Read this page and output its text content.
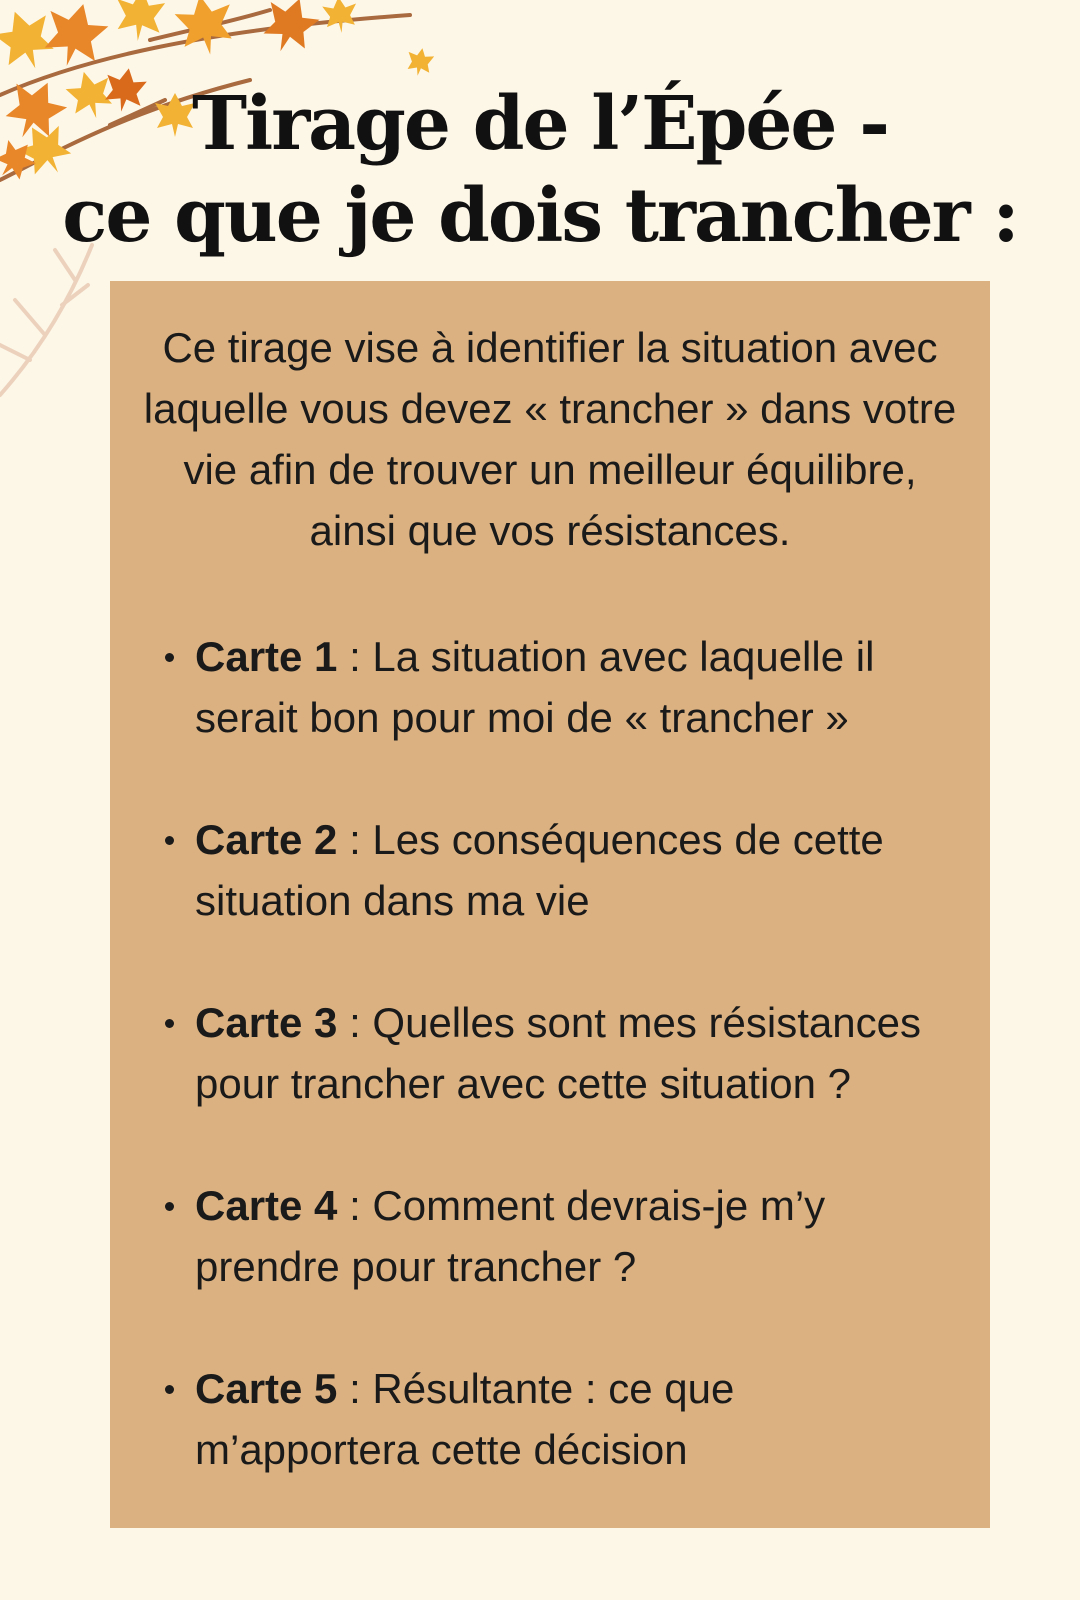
Tirage de l’Épée -
ce que je dois trancher :

Ce tirage vise à identifier la situation avec
laquelle vous devez « trancher » dans votre
vie afin de trouver un meilleur équilibre,
ainsi que vos résistances.

Carte 1 : La situation avec laquelle il
serait bon pour moi de « trancher »
Carte 2 : Les conséquences de cette
situation dans ma vie
Carte 3 : Quelles sont mes résistances
pour trancher avec cette situation ?
Carte 4 : Comment devrais-je m’y
prendre pour trancher ?
Carte 5 : Résultante : ce que
m’apportera cette décision
